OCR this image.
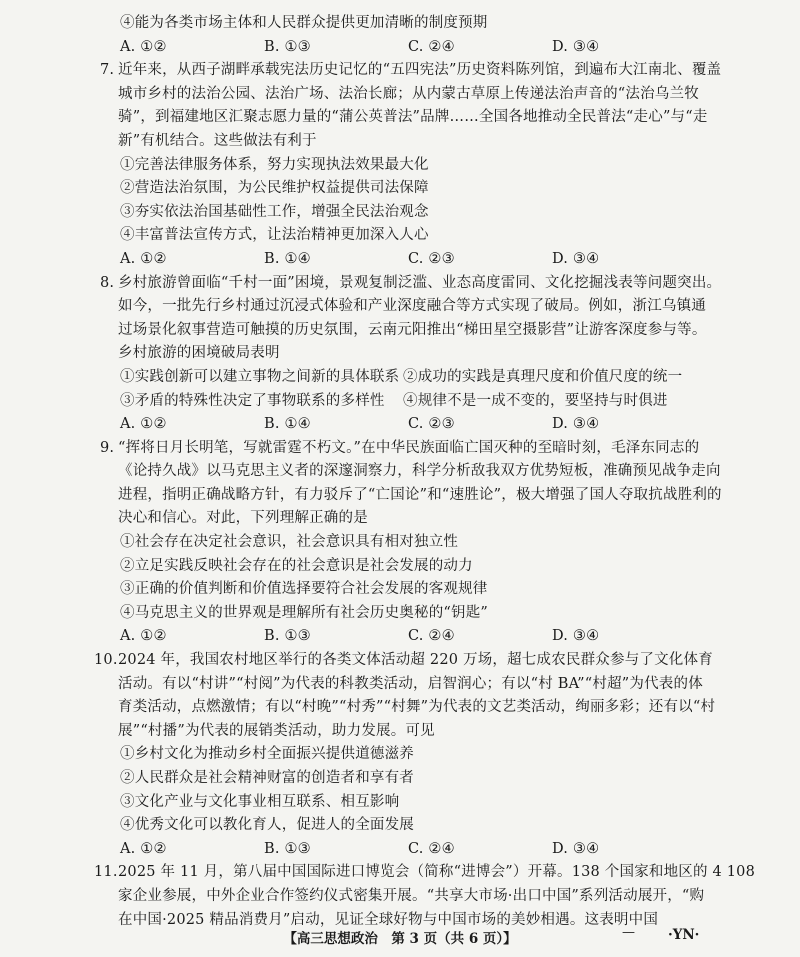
④能为各类市场主体和人民群众提供更加清晰的制度预期
A. ①②	B. ①③	C. ②④	D. ③④
7. 近年来，从西子湖畔承载宪法历史记忆的“五四宪法”历史资料陈列馆，到遍布大江南北、覆盖
城市乡村的法治公园、法治广场、法治长廊；从内蒙古草原上传递法治声音的“法治乌兰牧
骑”，到福建地区汇聚志愿力量的“蒲公英普法”品牌……全国各地推动全民普法“走心”与“走
新”有机结合。这些做法有利于
①完善法律服务体系，努力实现执法效果最大化
②营造法治氛围，为公民维护权益提供司法保障
③夯实依法治国基础性工作，增强全民法治观念
④丰富普法宣传方式，让法治精神更加深入人心
A. ①②	B. ①④	C. ②③	D. ③④
8. 乡村旅游曾面临“千村一面”困境，景观复制泛滥、业态高度雷同、文化挖掘浅表等问题突出。
如今，一批先行乡村通过沉浸式体验和产业深度融合等方式实现了破局。例如，浙江乌镇通
过场景化叙事营造可触摸的历史氛围，云南元阳推出“梯田星空摄影营”让游客深度参与等。
乡村旅游的困境破局表明
①实践创新可以建立事物之间新的具体联系 ②成功的实践是真理尺度和价值尺度的统一
③矛盾的特殊性决定了事物联系的多样性	④规律不是一成不变的，要坚持与时俱进
A. ①②	B. ①④	C. ②③	D. ③④
9. “挥将日月长明笔，写就雷霆不朽文。”在中华民族面临亡国灭种的至暗时刻，毛泽东同志的
《论持久战》以马克思主义者的深邃洞察力，科学分析敌我双方优势短板，准确预见战争走向
进程，指明正确战略方针，有力驳斥了“亡国论”和“速胜论”，极大增强了国人夺取抗战胜利的
决心和信心。对此，下列理解正确的是
①社会存在决定社会意识，社会意识具有相对独立性
②立足实践反映社会存在的社会意识是社会发展的动力
③正确的价值判断和价值选择要符合社会发展的客观规律
④马克思主义的世界观是理解所有社会历史奥秘的“钥匙”
A. ①②	B. ①③	C. ②④	D. ③④
10. 2024 年，我国农村地区举行的各类文体活动超 220 万场，超七成农民群众参与了文化体育
活动。有以“村讲”“村阅”为代表的科教类活动，启智润心；有以“村 BA”“村超”为代表的体
育类活动，点燃激情；有以“村晚”“村秀”“村舞”为代表的文艺类活动，绚丽多彩；还有以“村
展”“村播”为代表的展销类活动，助力发展。可见
①乡村文化为推动乡村全面振兴提供道德滋养
②人民群众是社会精神财富的创造者和享有者
③文化产业与文化事业相互联系、相互影响
④优秀文化可以教化育人，促进人的全面发展
A. ①②	B. ①③	C. ②④	D. ③④
11. 2025 年 11 月，第八届中国国际进口博览会（简称“进博会”）开幕。138 个国家和地区的 4 108
家企业参展，中外企业合作签约仪式密集开展。“共享大市场·出口中国”系列活动展开，“购
在中国·2025 精品消费月”启动，见证全球好物与中国市场的美妙相遇。这表明中国
【高三思想政治　第 3 页（共 6 页）】	— ·YN·
